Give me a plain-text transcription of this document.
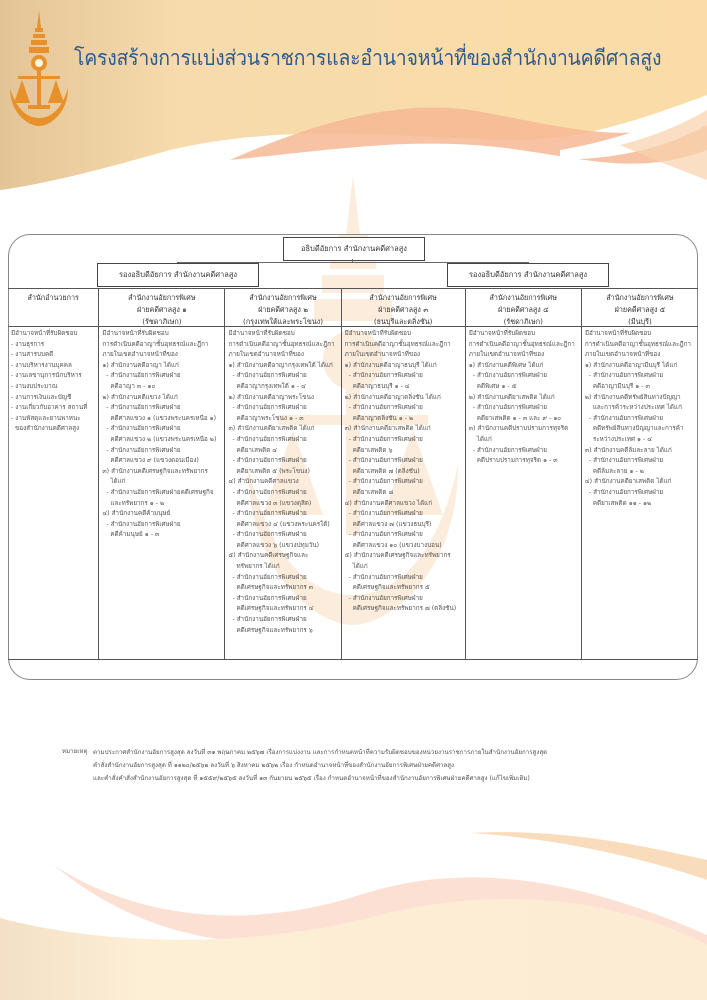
โครงสร้างการแบ่งส่วนราชการและอำนาจหน้าที่ของสำนักงานคดีศาลสูง
อธิบดีอัยการ สำนักงานคดีศาลสูง
รองอธิบดีอัยการ สำนักงานคดีศาลสูง	รองอธิบดีอัยการ สำนักงานคดีศาลสูง
สำนักอำนวยการ
มีอำนาจหน้าที่รับผิดชอบ
- งานธุรการ
- งานสารบบคดี
- งานบริหารงานบุคคล
- งานเลขานุการนักบริหาร
- งานงบประมาณ
- งานการเงินและบัญชี
- งานเกี่ยวกับอาคาร สถานที่
- งานพัสดุและยานพาหนะ
ของสำนักงานคดีศาลสูง
สำนักงานอัยการพิเศษ
ฝ่ายคดีศาลสูง ๑
(รัชดาภิเษก)
มีอำนาจหน้าที่รับผิดชอบ
การดำเนินคดีอาญาชั้นอุทธรณ์และฎีกา
ภายในเขตอำนาจหน้าที่ของ
๑) สำนักงานคดีอาญา ได้แก่
- สำนักงานอัยการพิเศษฝ่าย
คดีอาญา ๓ - ๑๐
๒) สำนักงานคดีแขวง ได้แก่
- สำนักงานอัยการพิเศษฝ่าย
คดีศาลแขวง ๑ (แขวงพระนครเหนือ ๑)
- สำนักงานอัยการพิเศษฝ่าย
คดีศาลแขวง ๒ (แขวงพระนครเหนือ ๒)
- สำนักงานอัยการพิเศษฝ่าย
คดีศาลแขวง ๙ (แขวงดอนเมือง)
๓) สำนักงานคดีเศรษฐกิจและทรัพยากร
ได้แก่
- สำนักงานอัยการพิเศษฝ่ายคดีเศรษฐกิจ
และทรัพยากร ๑ - ๒
๔) สำนักงานคดีค้ามนุษย์
- สำนักงานอัยการพิเศษฝ่าย
คดีค้ามนุษย์ ๑ - ๓
สำนักงานอัยการพิเศษ
ฝ่ายคดีศาลสูง ๒
(กรุงเทพใต้และพระโขนง)
มีอำนาจหน้าที่รับผิดชอบ
การดำเนินคดีอาญาชั้นอุทธรณ์และฎีกา
ภายในเขตอำนาจหน้าที่ของ
๑) สำนักงานคดีอาญากรุงเทพใต้ ได้แก่
- สำนักงานอัยการพิเศษฝ่าย
คดีอาญากรุงเทพใต้ ๑ - ๔
๒) สำนักงานคดีอาญาพระโขนง
- สำนักงานอัยการพิเศษฝ่าย
คดีอาญาพระโขนง ๑ - ๓
๓) สำนักงานคดียาเสพติด ได้แก่
- สำนักงานอัยการพิเศษฝ่าย
คดียาเสพติด ๔
- สำนักงานอัยการพิเศษฝ่าย
คดียาเสพติด ๕ (พระโขนง)
๔) สำนักงานคดีศาลแขวง
- สำนักงานอัยการพิเศษฝ่าย
คดีศาลแขวง ๓ (แขวงดุสิต)
- สำนักงานอัยการพิเศษฝ่าย
คดีศาลแขวง ๔ (แขวงพระนครใต้)
- สำนักงานอัยการพิเศษฝ่าย
คดีศาลแขวง ๖ (แขวงปทุมวัน)
๕) สำนักงานคดีเศรษฐกิจและ
ทรัพยากร ได้แก่
- สำนักงานอัยการพิเศษฝ่าย
คดีเศรษฐกิจและทรัพยากร ๓
- สำนักงานอัยการพิเศษฝ่าย
คดีเศรษฐกิจและทรัพยากร ๔
- สำนักงานอัยการพิเศษฝ่าย
คดีเศรษฐกิจและทรัพยากร ๖
สำนักงานอัยการพิเศษ
ฝ่ายคดีศาลสูง ๓
(ธนบุรีและตลิ่งชัน)
มีอำนาจหน้าที่รับผิดชอบ
การดำเนินคดีอาญาชั้นอุทธรณ์และฎีกา
ภายในเขตอำนาจหน้าที่ของ
๑) สำนักงานคดีอาญาธนบุรี ได้แก่
- สำนักงานอัยการพิเศษฝ่าย
คดีอาญาธนบุรี ๑ - ๔
๒) สำนักงานคดีอาญาตลิ่งชัน ได้แก่
- สำนักงานอัยการพิเศษฝ่าย
คดีอาญาตลิ่งชัน ๑ - ๒
๓) สำนักงานคดียาเสพติด ได้แก่
- สำนักงานอัยการพิเศษฝ่าย
คดียาเสพติด ๖
- สำนักงานอัยการพิเศษฝ่าย
คดียาเสพติด ๗ (ตลิ่งชัน)
- สำนักงานอัยการพิเศษฝ่าย
คดียาเสพติด ๘
๔) สำนักงานคดีศาลแขวง ได้แก่
- สำนักงานอัยการพิเศษฝ่าย
คดีศาลแขวง ๗ (แขวงธนบุรี)
- สำนักงานอัยการพิเศษฝ่าย
คดีศาลแขวง ๑๐ (แขวงบางบอน)
๕) สำนักงานคดีเศรษฐกิจและทรัพยากร
ได้แก่
- สำนักงานอัยการพิเศษฝ่าย
คดีเศรษฐกิจและทรัพยากร ๕
- สำนักงานอัยการพิเศษฝ่าย
คดีเศรษฐกิจและทรัพยากร ๗ (ตลิ่งชัน)
สำนักงานอัยการพิเศษ
ฝ่ายคดีศาลสูง ๔
(รัชดาภิเษก)
มีอำนาจหน้าที่รับผิดชอบ
การดำเนินคดีอาญาชั้นอุทธรณ์และฎีกา
ภายในเขตอำนาจหน้าที่ของ
๑) สำนักงานคดีพิเศษ ได้แก่
- สำนักงานอัยการพิเศษฝ่าย
คดีพิเศษ ๑ - ๕
๒) สำนักงานคดียาเสพติด ได้แก่
- สำนักงานอัยการพิเศษฝ่าย
คดียาเสพติด ๑ - ๓ และ ๙ - ๑๐
๓) สำนักงานคดีปราบปรามการทุจริต
ได้แก่
- สำนักงานอัยการพิเศษฝ่าย
คดีปราบปรามการทุจริต ๑ - ๓
สำนักงานอัยการพิเศษ
ฝ่ายคดีศาลสูง ๕
(มีนบุรี)
มีอำนาจหน้าที่รับผิดชอบ
การดำเนินคดีอาญาชั้นอุทธรณ์และฎีกา
ภายในเขตอำนาจหน้าที่ของ
๑) สำนักงานคดีอาญามีนบุรี ได้แก่
- สำนักงานอัยการพิเศษฝ่าย
คดีอาญามีนบุรี ๑ - ๓
๒) สำนักงานคดีทรัพย์สินทางปัญญา
และการค้าระหว่างประเทศ ได้แก่
- สำนักงานอัยการพิเศษฝ่าย
คดีทรัพย์สินทางปัญญาและการค้า
ระหว่างประเทศ ๑ - ๔
๓) สำนักงานคดีล้มละลาย ได้แก่
- สำนักงานอัยการพิเศษฝ่าย
คดีล้มละลาย ๑ - ๒
๔) สำนักงานคดียาเสพติด ได้แก่
- สำนักงานอัยการพิเศษฝ่าย
คดียาเสพติด ๑๑ - ๑๒
หมายเหตุ ตามประกาศสำนักงานอัยการสูงสุด ลงวันที่ ๓๑ พฤษภาคม ๒๕๖๗ เรื่องการแบ่งงาน และการกำหนดหน้าที่ความรับผิดชอบของหน่วยงานราชการภายในสำนักงานอัยการสูงสุด
คำสั่งสำนักงานอัยการสูงสุด ที่ ๑๑๒๐/๒๕๖๒ ลงวันที่ ๖ สิงหาคม ๒๕๖๒ เรื่อง กำหนดอำนาจหน้าที่ของสำนักงานอัยการพิเศษฝ่ายคดีศาลสูง
และคำสั่งคำสั่งสำนักงานอัยการสูงสุด ที่ ๑๕๕๙/๒๕๖๕ ลงวันที่ ๑๓ กันยายน ๒๕๖๕ เรื่อง กำหนดอำนาจหน้าที่ของสำนักงานอัยการพิเศษฝ่ายคดีศาลสูง (แก้ไขเพิ่มเติม)
